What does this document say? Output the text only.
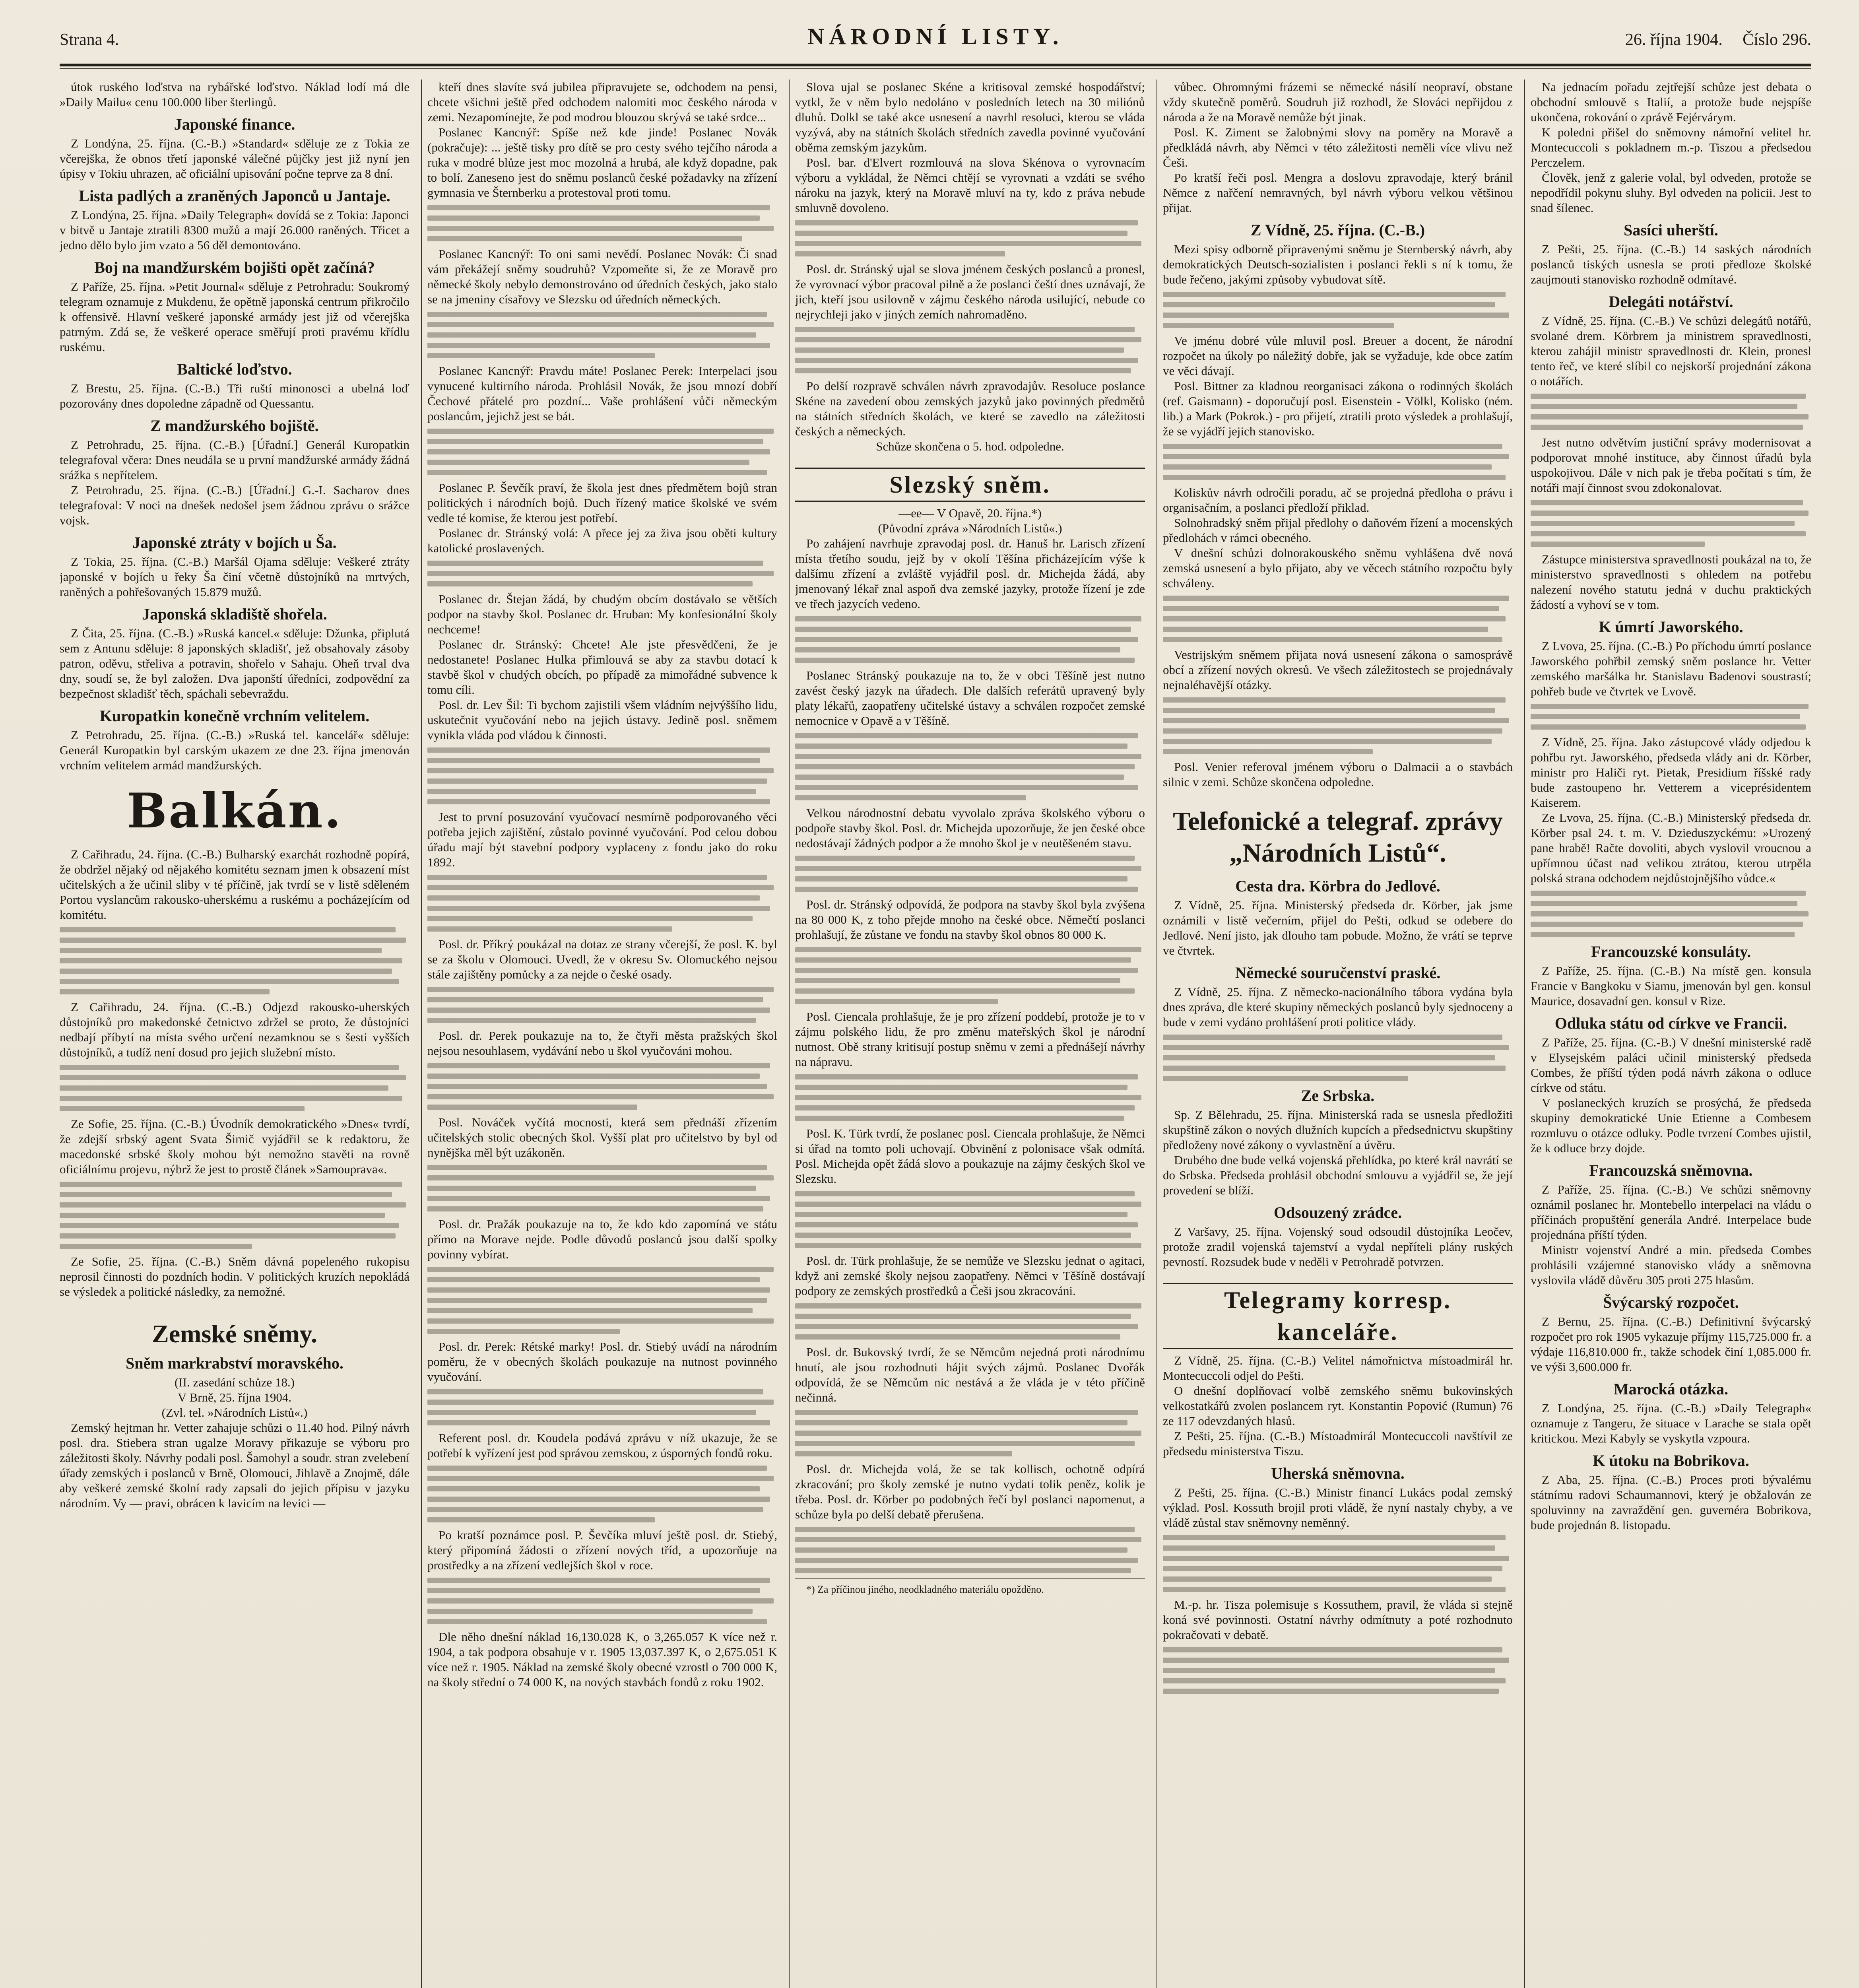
Strana 4.	NÁRODNÍ LISTY.	26. října 1904. Číslo 296.

útok ruského loďstva na rybářské loďstvo. Náklad lodí má dle »Daily Mailu« cenu 100.000 liber šterlingů.

Japonské finance.

Z Londýna, 25. října. (C.-B.) »Standard« sděluje ze z Tokia ze včerejška, že obnos třetí japonské válečné půjčky jest již nyní jen úpisy v Tokiu uhrazen, ač oficiální upisování počne teprve za 8 dní.

Lista padlých a zraněných Japonců u Jantaje.

Z Londýna, 25. října. »Daily Telegraph« dovídá se z Tokia: Japonci v bitvě u Jantaje ztratili 8300 mužů a mají 26.000 raněných. Třicet a jedno dělo bylo jim vzato a 56 děl demontováno.

Boj na mandžurském bojišti opět začíná?

Z Paříže, 25. října. »Petit Journal« sděluje z Petrohradu: Soukromý telegram oznamuje z Mukdenu, že opětně japonská centrum přikročilo k offensivě. Hlavní veškeré japonské armády jest již od včerejška patrným. Zdá se, že veškeré operace směřují proti pravému křídlu ruskému.

Baltické loďstvo.

Z Brestu, 25. října. (C.-B.) Tři ruští minonosci a ubelná loď pozorovány dnes dopoledne západně od Quessantu.

Z mandžurského bojiště.

Z Petrohradu, 25. října. (C.-B.) [Úřadní.] Generál Kuropatkin telegrafoval včera: Dnes neudála se u první mandžurské armády žádná srážka s nepřítelem.

Z Petrohradu, 25. října. (C.-B.) [Úřadní.] G.-I. Sacharov dnes telegrafoval: V noci na dnešek nedošel jsem žádnou zprávu o srážce vojsk.

Japonské ztráty v bojích u Ša.

Z Tokia, 25. října. (C.-B.) Maršál Ojama sděluje: Veškeré ztráty japonské v bojích u řeky Ša činí včetně důstojníků na mrtvých, raněných a pohřešovaných 15.879 mužů.

Japonská skladiště shořela.

Z Čita, 25. října. (C.-B.) »Ruská kancel.« sděluje: Džunka, připlutá sem z Antunu sděluje: 8 japonských skladišť, jež obsahovaly zásoby patron, oděvu, střeliva a potravin, shořelo v Sahaju. Oheň trval dva dny, soudí se, že byl založen. Dva japonští úředníci, zodpovědní za bezpečnost skladišť těch, spáchali sebevraždu.

Kuropatkin konečně vrchním velitelem.

Z Petrohradu, 25. října. (C.-B.) »Ruská tel. kancelář« sděluje: Generál Kuropatkin byl carským ukazem ze dne 23. října jmenován vrchním velitelem armád mandžurských.

Balkán.

Z Cařihradu, 24. října. (C.-B.) Bulharský exarchát rozhodně popírá, že obdržel nějaký od nějakého komitétu seznam jmen k obsazení míst učitelských a že učinil sliby v té příčině, jak tvrdí se v listě sděleném Portou vyslancům rakousko-uherskému a ruskému a pocházejícím od komitétu.

Z Cařihradu, 24. října. (C.-B.) Odjezd rakousko-uherských důstojníků pro makedonské četnictvo zdržel se proto, že důstojníci nedbají příbytí na místa svého určení nezamknou se s šesti vyšších důstojníků, a tudíž není dosud pro jejich služební místo.

Ze Sofie, 25. října. (C.-B.) Úvodník demokratického »Dnes« tvrdí, že zdejší srbský agent Svata Šimič vyjádřil se k redaktoru, že macedonské srbské školy mohou být nemožno stavěti na rovně oficiálnímu projevu, nýbrž že jest to prostě článek »Samouprava«.

Ze Sofie, 25. října. (C.-B.) Sněm dávná popeleného rukopisu neprosil činnosti do pozdních hodin. V politických kruzích nepokládá se výsledek a politické následky, za nemožné.

Zemské sněmy.
Sněm markrabství moravského.

(II. zasedání schůze 18.)

V Brně, 25. října 1904.

(Zvl. tel. »Národních Listů«.)

Zemský hejtman hr. Vetter zahajuje schůzi o 11.40 hod. Pilný návrh posl. dra. Stiebera stran ugalze Moravy přikazuje se výboru pro záležitosti školy. Návrhy podali posl. Šamohyl a soudr. stran zvelebení úřady zemských i poslanců v Brně, Olomouci, Jihlavě a Znojmě, dále aby veškeré zemské školní rady zapsali do jejich přípisu v jazyku národním. Vy — pravi, obrácen k lavicím na levici —

kteří dnes slavíte svá jubilea připravujete se, odchodem na pensi, chcete všichni ještě před odchodem nalomiti moc českého národa v zemi. Nezapomínejte, že pod modrou blouzou skrývá se také srdce...

Poslanec Kancnýř: Spíše než kde jinde! Poslanec Novák (pokračuje): ... ještě tisky pro dítě se pro cesty svého tejčího národa a ruka v modré blůze jest moc mozolná a hrubá, ale když dopadne, pak to bolí. Zaneseno jest do sněmu poslanců české požadavky na zřízení gymnasia ve Šternberku a protestoval proti tomu.

Poslanec Kancnýř: To oni sami nevědí. Poslanec Novák: Či snad vám překážejí sněmy soudruhů? Vzpomeňte si, že ze Moravě pro německé školy nebylo demonstrováno od úředních českých, jako stalo se na jmeniny císařovy ve Slezsku od úředních německých.

Poslanec Kancnýř: Pravdu máte! Poslanec Perek: Interpelaci jsou vynucené kultirního národa. Prohlásil Novák, že jsou mnozí dobří Čechové přátelé pro pozdní... Vaše prohlášení vůči německým poslancům, jejichž jest se bát.

Poslanec P. Ševčík praví, že škola jest dnes předmětem bojů stran politických i národních bojů. Duch řízený matice školské ve svém vedle té komise, že kterou jest potřebí.

Poslanec dr. Stránský volá: A přece jej za živa jsou oběti kultury katolické proslavených.

Poslanec dr. Štejan žádá, by chudým obcím dostávalo se větších podpor na stavby škol. Poslanec dr. Hruban: My konfesionální školy nechceme!

Poslanec dr. Stránský: Chcete! Ale jste přesvědčeni, že je nedostanete! Poslanec Hulka přimlouvá se aby za stavbu dotací k stavbě škol v chudých obcích, po případě za mimořádné subvence k tomu cíli.

Posl. dr. Lev Šil: Ti bychom zajistili všem vládním nejvýššího lidu, uskutečnit vyučování nebo na jejich ústavy. Jedině posl. sněmem vynikla vláda pod vládou k činnosti.

Jest to první posuzování vyučovací nesmírně podporovaného věci potřeba jejich zajištění, zůstalo povinné vyučování. Pod celou dobou úřadu mají být stavební podpory vyplaceny z fondu jako do roku 1892.

Posl. dr. Příkrý poukázal na dotaz ze strany včerejší, že posl. K. byl se za školu v Olomouci. Uvedl, že v okresu Sv. Olomuckého nejsou stále zajištěny pomůcky a za nejde o české osady.

Posl. dr. Perek poukazuje na to, že čtyři města pražských škol nejsou nesouhlasem, vydávání nebo u škol vyučováni mohou.

Posl. Nováček vyčítá mocnosti, která sem přednáší zřízením učitelských stolic obecných škol. Vyšší plat pro učitelstvo by byl od nynějška měl být uzákoněn.

Posl. dr. Pražák poukazuje na to, že kdo kdo zapomíná ve státu přímo na Morave nejde. Podle důvodů poslanců jsou další spolky povinny vybírat.

Posl. dr. Perek: Rétské marky! Posl. dr. Stiebý uvádí na národním poměru, že v obecných školách poukazuje na nutnost povinného vyučování.

Referent posl. dr. Koudela podává zprávu v níž ukazuje, že se potřebí k vyřízení jest pod správou zemskou, z úsporných fondů roku.

Po kratší poznámce posl. P. Ševčíka mluví ještě posl. dr. Stiebý, který připomíná žádosti o zřízení nových tříd, a upozorňuje na prostředky a na zřízení vedlejších škol v roce.

Dle něho dnešní náklad 16,130.028 K, o 3,265.057 K více než r. 1904, a tak podpora obsahuje v r. 1905 13,037.397 K, o 2,675.051 K více než r. 1905. Náklad na zemské školy obecné vzrostl o 700 000 K, na školy střední o 74 000 K, na nových stavbách fondů z roku 1902.

Slova ujal se poslanec Skéne a kritisoval zemské hospodářství; vytkl, že v něm bylo nedoláno v posledních letech na 30 miliónů dluhů. Dolkl se také akce usnesení a navrhl resoluci, kterou se vláda vyzývá, aby na státních školách středních zavedla povinné vyučování oběma zemským jazykům.

Posl. bar. d'Elvert rozmlouvá na slova Skénova o vyrovnacím výboru a vykládal, že Němci chtějí se vyrovnati a vzdáti se svého nároku na jazyk, který na Moravě mluví na ty, kdo z práva nebude smluvně dovoleno.

Posl. dr. Stránský ujal se slova jménem českých poslanců a pronesl, že vyrovnací výbor pracoval pilně a že poslanci čeští dnes uznávají, že jich, kteří jsou usilovně v zájmu českého národa usilující, nebude co nejrychleji jako v jiných zemích nahromaděno.

Po delší rozpravě schválen návrh zpravodajův. Resoluce poslance Skéne na zavedení obou zemských jazyků jako povinných předmětů na státních středních školách, ve které se zavedlo na záležitosti českých a německých.

Schůze skončena o 5. hod. odpoledne.

Slezský sněm.

—ee— V Opavě, 20. října.*)

(Původní zpráva »Národních Listů«.)

Po zahájení navrhuje zpravodaj posl. dr. Hanuš hr. Larisch zřízení místa třetího soudu, jejž by v okolí Těšína přicházejícím výše k dalšímu zřízení a zvláště vyjádřil posl. dr. Michejda žádá, aby jmenovaný lékař znal aspoň dva zemské jazyky, protože řízení je zde ve třech jazycích vedeno.

Poslanec Stránský poukazuje na to, že v obci Těšíně jest nutno zavést český jazyk na úřadech. Dle dalších referátů upravený byly platy lékařů, zaopatřeny učitelské ústavy a schválen rozpočet zemské nemocnice v Opavě a v Těšíně.

Velkou národnostní debatu vyvolalo zpráva školského výboru o podpoře stavby škol. Posl. dr. Michejda upozorňuje, že jen české obce nedostávají žádných podpor a že mnoho škol je v neutěšeném stavu.

Posl. dr. Stránský odpovídá, že podpora na stavby škol byla zvýšena na 80 000 K, z toho přejde mnoho na české obce. Němečtí poslanci prohlašují, že zůstane ve fondu na stavby škol obnos 80 000 K.

Posl. Ciencala prohlašuje, že je pro zřízení poddebí, protože je to v zájmu polského lidu, že pro změnu mateřských škol je národní nutnost. Obě strany kritisují postup sněmu v zemi a přednášejí návrhy na nápravu.

Posl. K. Türk tvrdí, že poslanec posl. Ciencala prohlašuje, že Němci si úřad na tomto poli uchovají. Obvinění z polonisace však odmítá. Posl. Michejda opět žádá slovo a poukazuje na zájmy českých škol ve Slezsku.

Posl. dr. Türk prohlašuje, že se nemůže ve Slezsku jednat o agitaci, když ani zemské školy nejsou zaopatřeny. Němci v Těšíně dostávají podpory ze zemských prostředků a Češi jsou zkracováni.

Posl. dr. Bukovský tvrdí, že se Němcům nejedná proti národnímu hnutí, ale jsou rozhodnuti hájit svých zájmů. Poslanec Dvořák odpovídá, že se Němcům nic nestává a že vláda je v této příčině nečinná.

Posl. dr. Michejda volá, že se tak kollisch, ochotně odpírá zkracování; pro školy zemské je nutno vydati tolik peněz, kolik je třeba. Posl. dr. Körber po podobných řečí byl poslanci napomenut, a schůze byla po delší debatě přerušena.

*) Za příčinou jiného, neodkladného materiálu opožděno.

vůbec. Ohromnými frázemi se německé násilí neopraví, obstane vždy skutečně poměrů. Soudruh již rozhodl, že Slováci nepřijdou z národa a že na Moravě nemůže být jinak.

Posl. K. Ziment se žalobnými slovy na poměry na Moravě a předkládá návrh, aby Němci v této záležitosti neměli více vlivu než Češi.

Po kratší řeči posl. Mengra a doslovu zpravodaje, který bránil Němce z nařčení nemravných, byl návrh výboru velkou většinou přijat.

Z Vídně, 25. října. (C.-B.)

Mezi spisy odborně připravenými sněmu je Sternberský návrh, aby demokratických Deutsch-sozialisten i poslanci řekli s ní k tomu, že bude řečeno, jakými způsoby vybudovat sítě.

Ve jménu dobré vůle mluvil posl. Breuer a docent, že národní rozpočet na úkoly po náležitý dobře, jak se vyžaduje, kde obce zatím ve věci dávají.

Posl. Bittner za kladnou reorganisaci zákona o rodinných školách (ref. Gaismann) - doporučují posl. Eisenstein - Völkl, Kolisko (ném. lib.) a Mark (Pokrok.) - pro přijetí, ztratili proto výsledek a prohlašují, že se vyjádří jejich stanovisko.

Koliskův návrh odročili poradu, ač se projedná předloha o právu i organisačním, a poslanci předloží přiklad.

Solnohradský sněm přijal předlohy o daňovém řízení a mocenských předlohách v rámci obecného.

V dnešní schůzi dolnorakouského sněmu vyhlášena dvě nová zemská usnesení a bylo přijato, aby ve věcech státního rozpočtu byly schváleny.

Vestrijským sněmem přijata nová usnesení zákona o samosprávě obcí a zřízení nových okresů. Ve všech záležitostech se projednávaly nejnaléhavější otázky.

Posl. Venier referoval jménem výboru o Dalmacii a o stavbách silnic v zemi. Schůze skončena odpoledne.

Telefonické a telegraf. zprávy „Národních Listů“.
Cesta dra. Körbra do Jedlové.

Z Vídně, 25. října. Ministerský předseda dr. Körber, jak jsme oznámili v listě večerním, přijel do Pešti, odkud se odebere do Jedlové. Není jisto, jak dlouho tam pobude. Možno, že vrátí se teprve ve čtvrtek.

Německé souručenství praské.

Z Vídně, 25. října. Z německo-nacionálního tábora vydána byla dnes zpráva, dle které skupiny německých poslanců byly sjednoceny a bude v zemi vydáno prohlášení proti politice vlády.

Ze Srbska.

Sp. Z Bělehradu, 25. října. Ministerská rada se usnesla předložiti skupštině zákon o nových dlužních kupcích a předsednictvu skupštiny předloženy nové zákony o vyvlastnění a úvěru.

Drubého dne bude velká vojenská přehlídka, po které král navrátí se do Srbska. Předseda prohlásil obchodní smlouvu a vyjádřil se, že její provedení se blíží.

Odsouzený zrádce.

Z Varšavy, 25. října. Vojenský soud odsoudil důstojníka Leočev, protože zradil vojenská tajemství a vydal nepříteli plány ruských pevností. Rozsudek bude v neděli v Petrohradě potvrzen.

Telegramy korresp. kanceláře.

Z Vídně, 25. října. (C.-B.) Velitel námořnictva místoadmirál hr. Montecuccoli odjel do Pešti.

O dnešní doplňovací volbě zemského sněmu bukovinských velkostatkářů zvolen poslancem ryt. Konstantin Popović (Rumun) 76 ze 117 odevzdaných hlasů.

Z Pešti, 25. října. (C.-B.) Místoadmirál Montecuccoli navštívil ze předsedu ministerstva Tiszu.

Uherská sněmovna.

Z Pešti, 25. října. (C.-B.) Ministr financí Lukács podal zemský výklad. Posl. Kossuth brojil proti vládě, že nyní nastaly chyby, a ve vládě zůstal stav sněmovny neměnný.

M.-p. hr. Tisza polemisuje s Kossuthem, pravil, že vláda si stejně koná své povinnosti. Ostatní návrhy odmítnuty a poté rozhodnuto pokračovati v debatě.

Na jednacím pořadu zejtřejší schůze jest debata o obchodní smlouvě s Italií, a protože bude nejspíše ukončena, rokování o zprávě Fejérvárym.

K poledni přišel do sněmovny námořní velitel hr. Montecuccoli s pokladnem m.-p. Tiszou a předsedou Perczelem.

Člověk, jenž z galerie volal, byl odveden, protože se nepodřídil pokynu sluhy. Byl odveden na policii. Jest to snad šílenec.

Sasíci uherští.

Z Pešti, 25. října. (C.-B.) 14 saských národních poslanců tiských usnesla se proti předloze školské zaujmouti stanovisko rozhodně odmítavé.

Delegáti notářství.

Z Vídně, 25. října. (C.-B.) Ve schůzi delegátů notářů, svolané drem. Körbrem ja ministrem spravedlnosti, kterou zahájil ministr spravedlnosti dr. Klein, pronesl tento řeč, ve které slíbil co nejskorší projednání zákona o notářích.

Jest nutno odvětvím justiční správy modernisovat a podporovat mnohé instituce, aby činnost úřadů byla uspokojivou. Dále v nich pak je třeba počítati s tím, že notáři mají činnost svou zdokonalovat.

Zástupce ministerstva spravedlnosti poukázal na to, že ministerstvo spravedlnosti s ohledem na potřebu nalezení nového statutu jedná v duchu praktických žádostí a vyhoví se v tom.

K úmrtí Jaworského.

Z Lvova, 25. října. (C.-B.) Po příchodu úmrtí poslance Jaworského pohřbil zemský sněm poslance hr. Vetter zemského maršálka hr. Stanislavu Badenovi soustrastí; pohřeb bude ve čtvrtek ve Lvově.

Z Vídně, 25. října. Jako zástupcové vlády odjedou k pohřbu ryt. Jaworského, předseda vlády ani dr. Körber, ministr pro Haliči ryt. Pietak, Presidium říšské rady bude zastoupeno hr. Vetterem a viceprésidentem Kaiserem.

Ze Lvova, 25. října. (C.-B.) Ministerský předseda dr. Körber psal 24. t. m. V. Dzieduszyckému: »Urozený pane hrabě! Račte dovoliti, abych vyslovil vroucnou a upřímnou účast nad velikou ztrátou, kterou utrpěla polská strana odchodem nejdůstojnějšího vůdce.«

Francouzské konsuláty.

Z Paříže, 25. října. (C.-B.) Na místě gen. konsula Francie v Bangkoku v Siamu, jmenován byl gen. konsul Maurice, dosavadní gen. konsul v Rize.

Odluka státu od církve ve Francii.

Z Paříže, 25. října. (C.-B.) V dnešní ministerské radě v Elysejském paláci učinil ministerský předseda Combes, že příští týden podá návrh zákona o odluce církve od státu.

V poslaneckých kruzích se prosýchá, že předseda skupiny demokratické Unie Etienne a Combesem rozmluvu o otázce odluky. Podle tvrzení Combes ujistil, že k odluce brzy dojde.

Francouzská sněmovna.

Z Paříže, 25. října. (C.-B.) Ve schůzi sněmovny oznámil poslanec hr. Montebello interpelaci na vládu o příčinách propuštění generála André. Interpelace bude projednána příští týden.

Ministr vojenství André a min. předseda Combes prohlásili vzájemné stanovisko vlády a sněmovna vyslovila vládě důvěru 305 proti 275 hlasům.

Švýcarský rozpočet.

Z Bernu, 25. října. (C.-B.) Definitivní švýcarský rozpočet pro rok 1905 vykazuje příjmy 115,725.000 fr. a výdaje 116,810.000 fr., takže schodek činí 1,085.000 fr. ve výši 3,600.000 fr.

Marocká otázka.

Z Londýna, 25. října. (C.-B.) »Daily Telegraph« oznamuje z Tangeru, že situace v Larache se stala opět kritickou. Mezi Kabyly se vyskytla vzpoura.

K útoku na Bobrikova.

Z Aba, 25. října. (C.-B.) Proces proti bývalému státnímu radovi Schaumannovi, který je obžalován ze spoluvinny na zavraždění gen. guvernéra Bobrikova, bude projednán 8. listopadu.
